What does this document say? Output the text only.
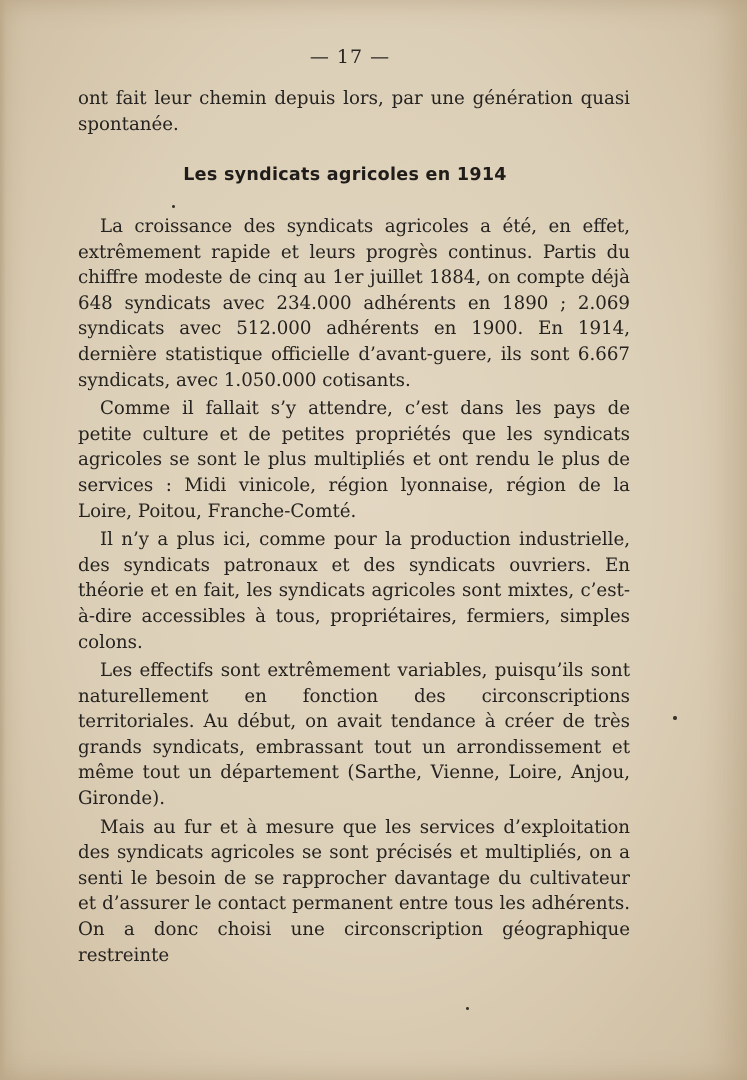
— 17 —

ont fait leur chemin depuis lors, par une génération quasi spontanée.

Les syndicats agricoles en 1914

La croissance des syndicats agricoles a été, en effet, extrêmement rapide et leurs progrès continus. Partis du chiffre modeste de cinq au 1er juillet 1884, on compte déjà 648 syndicats avec 234.000 adhérents en 1890 ; 2.069 syndicats avec 512.000 adhérents en 1900. En 1914, dernière statistique officielle d’avant-guere, ils sont 6.667 syndicats, avec 1.050.000 cotisants.

Comme il fallait s’y attendre, c’est dans les pays de petite culture et de petites propriétés que les syndicats agricoles se sont le plus multipliés et ont rendu le plus de services : Midi vinicole, région lyonnaise, région de la Loire, Poitou, Franche-Comté.

Il n’y a plus ici, comme pour la production industrielle, des syndicats patronaux et des syndicats ouvriers. En théorie et en fait, les syndicats agricoles sont mixtes, c’est-à-dire accessibles à tous, propriétaires, fermiers, simples colons.

Les effectifs sont extrêmement variables, puisqu’ils sont naturellement en fonction des circonscriptions territoriales. Au début, on avait tendance à créer de très grands syndicats, embrassant tout un arrondissement et même tout un département (Sarthe, Vienne, Loire, Anjou, Gironde).

Mais au fur et à mesure que les services d’exploitation des syndicats agricoles se sont précisés et multipliés, on a senti le besoin de se rapprocher davantage du cultivateur et d’assurer le contact permanent entre tous les adhérents. On a donc choisi une circonscription géographique restreinte
